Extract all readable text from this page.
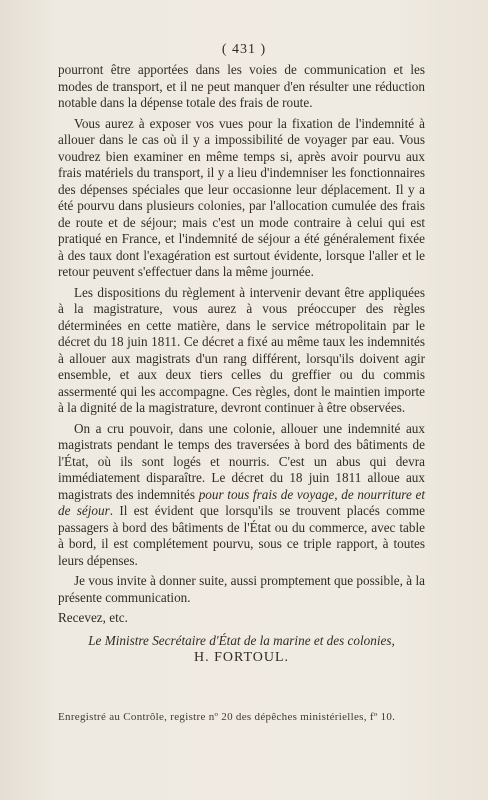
( 431 )

pourront être apportées dans les voies de communication et les modes de transport, et il ne peut manquer d'en résulter une réduction notable dans la dépense totale des frais de route.

Vous aurez à exposer vos vues pour la fixation de l'indemnité à allouer dans le cas où il y a impossibilité de voyager par eau. Vous voudrez bien examiner en même temps si, après avoir pourvu aux frais matériels du transport, il y a lieu d'indemniser les fonctionnaires des dépenses spéciales que leur occasionne leur déplacement. Il y a été pourvu dans plusieurs colonies, par l'allocation cumulée des frais de route et de séjour; mais c'est un mode contraire à celui qui est pratiqué en France, et l'indemnité de séjour a été généralement fixée à des taux dont l'exagération est surtout évidente, lorsque l'aller et le retour peuvent s'effectuer dans la même journée.

Les dispositions du règlement à intervenir devant être appliquées à la magistrature, vous aurez à vous préoccuper des règles déterminées en cette matière, dans le service métropolitain par le décret du 18 juin 1811. Ce décret a fixé au même taux les indemnités à allouer aux magistrats d'un rang différent, lorsqu'ils doivent agir ensemble, et aux deux tiers celles du greffier ou du commis assermenté qui les accompagne. Ces règles, dont le maintien importe à la dignité de la magistrature, devront continuer à être observées.

On a cru pouvoir, dans une colonie, allouer une indemnité aux magistrats pendant le temps des traversées à bord des bâtiments de l'État, où ils sont logés et nourris. C'est un abus qui devra immédiatement disparaître. Le décret du 18 juin 1811 alloue aux magistrats des indemnités pour tous frais de voyage, de nourriture et de séjour. Il est évident que lorsqu'ils se trouvent placés comme passagers à bord des bâtiments de l'État ou du commerce, avec table à bord, il est complétement pourvu, sous ce triple rapport, à toutes leurs dépenses.

Je vous invite à donner suite, aussi promptement que possible, à la présente communication.

Recevez, etc.

Le Ministre Secrétaire d'État de la marine et des colonies,
H. FORTOUL.
Enregistré au Contrôle, registre nº 20 des dépêches ministérielles, fº 10.
